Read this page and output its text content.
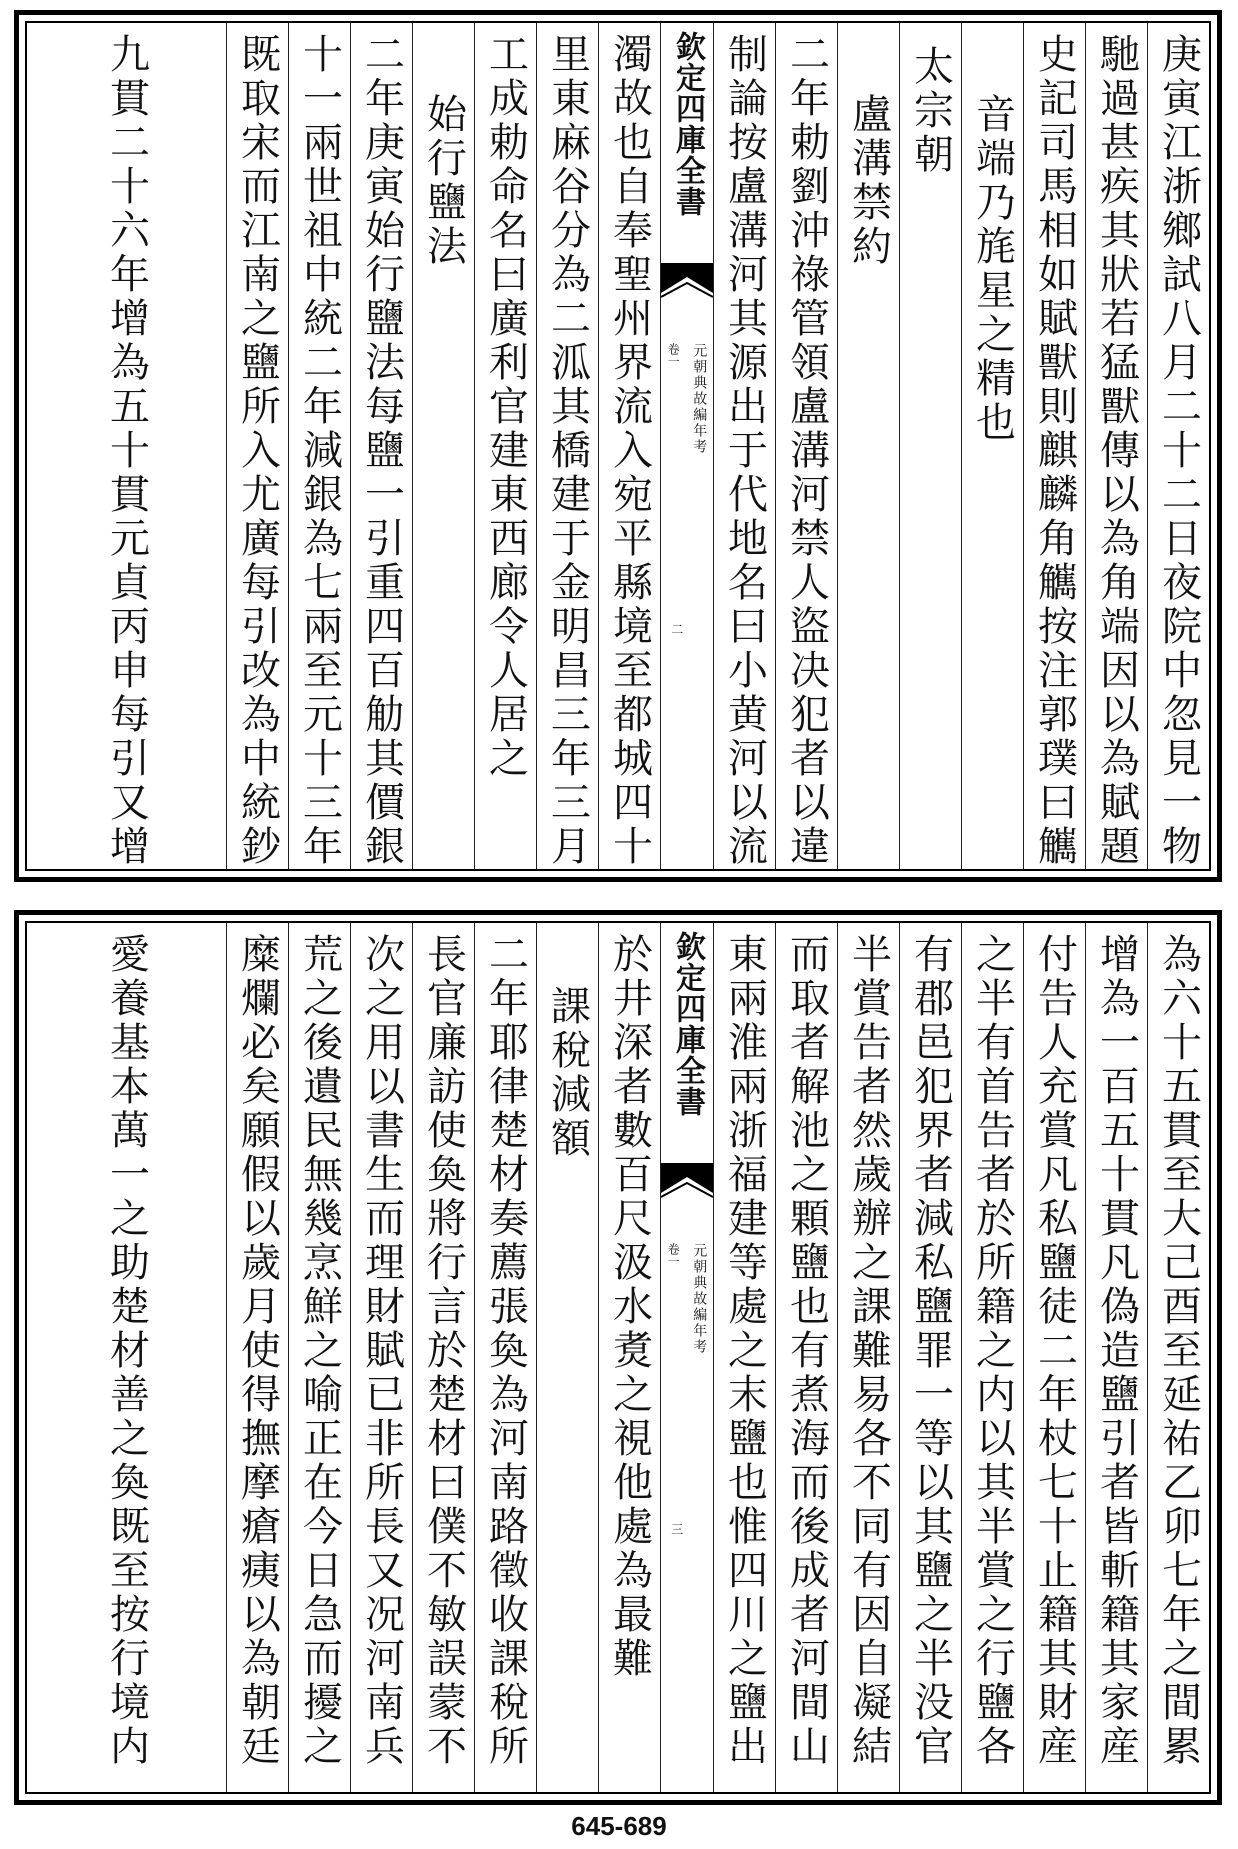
庚寅江浙鄉試八月二十二日夜院中忽見一物
馳過甚疾其狀若猛獸傳以為角端因以為賦題
史記司馬相如賦獸則麒麟角觽按注郭璞曰觽
音端乃旄星之精也
太宗朝
盧溝禁約
二年勅劉沖祿管領盧溝河禁人盜决犯者以違
制論按盧溝河其源出于代地名曰小黄河以流
欽定四庫全書
元朝典故編年考
卷一
二
濁故也自奉聖州界流入宛平縣境至都城四十
里東麻谷分為二泒其橋建于金明昌三年三月
工成勅命名曰廣利官建東西廊令人居之
始行鹽法
二年庚寅始行鹽法每鹽一引重四百觔其價銀
十一兩世祖中統二年減銀為七兩至元十三年
既取宋而江南之鹽所入尤廣每引改為中統鈔
九貫二十六年增為五十貫元貞丙申每引又增
為六十五貫至大己酉至延祐乙卯七年之間累
增為一百五十貫凡偽造鹽引者皆斬籍其家産
付告人充賞凡私鹽徒二年杖七十止籍其財産
之半有首告者於所籍之内以其半賞之行鹽各
有郡邑犯界者減私鹽罪一等以其鹽之半没官
半賞告者然歲辦之課難易各不同有因自凝結
而取者解池之顆鹽也有煮海而後成者河間山
東兩淮兩浙福建等處之末鹽也惟四川之鹽出
欽定四庫全書
元朝典故編年考
卷一
三
於井深者數百尺汲水煑之視他處為最難
課稅減額
二年耶律楚材奏薦張奐為河南路徵收課稅所
長官廉訪使奐將行言於楚材曰僕不敏誤蒙不
次之用以書生而理財賦已非所長又况河南兵
荒之後遺民無幾烹鮮之喻正在今日急而擾之
糜爛必矣願假以歲月使得撫摩瘡痍以為朝廷
愛養基本萬一之助楚材善之奐既至按行境内
645-689
